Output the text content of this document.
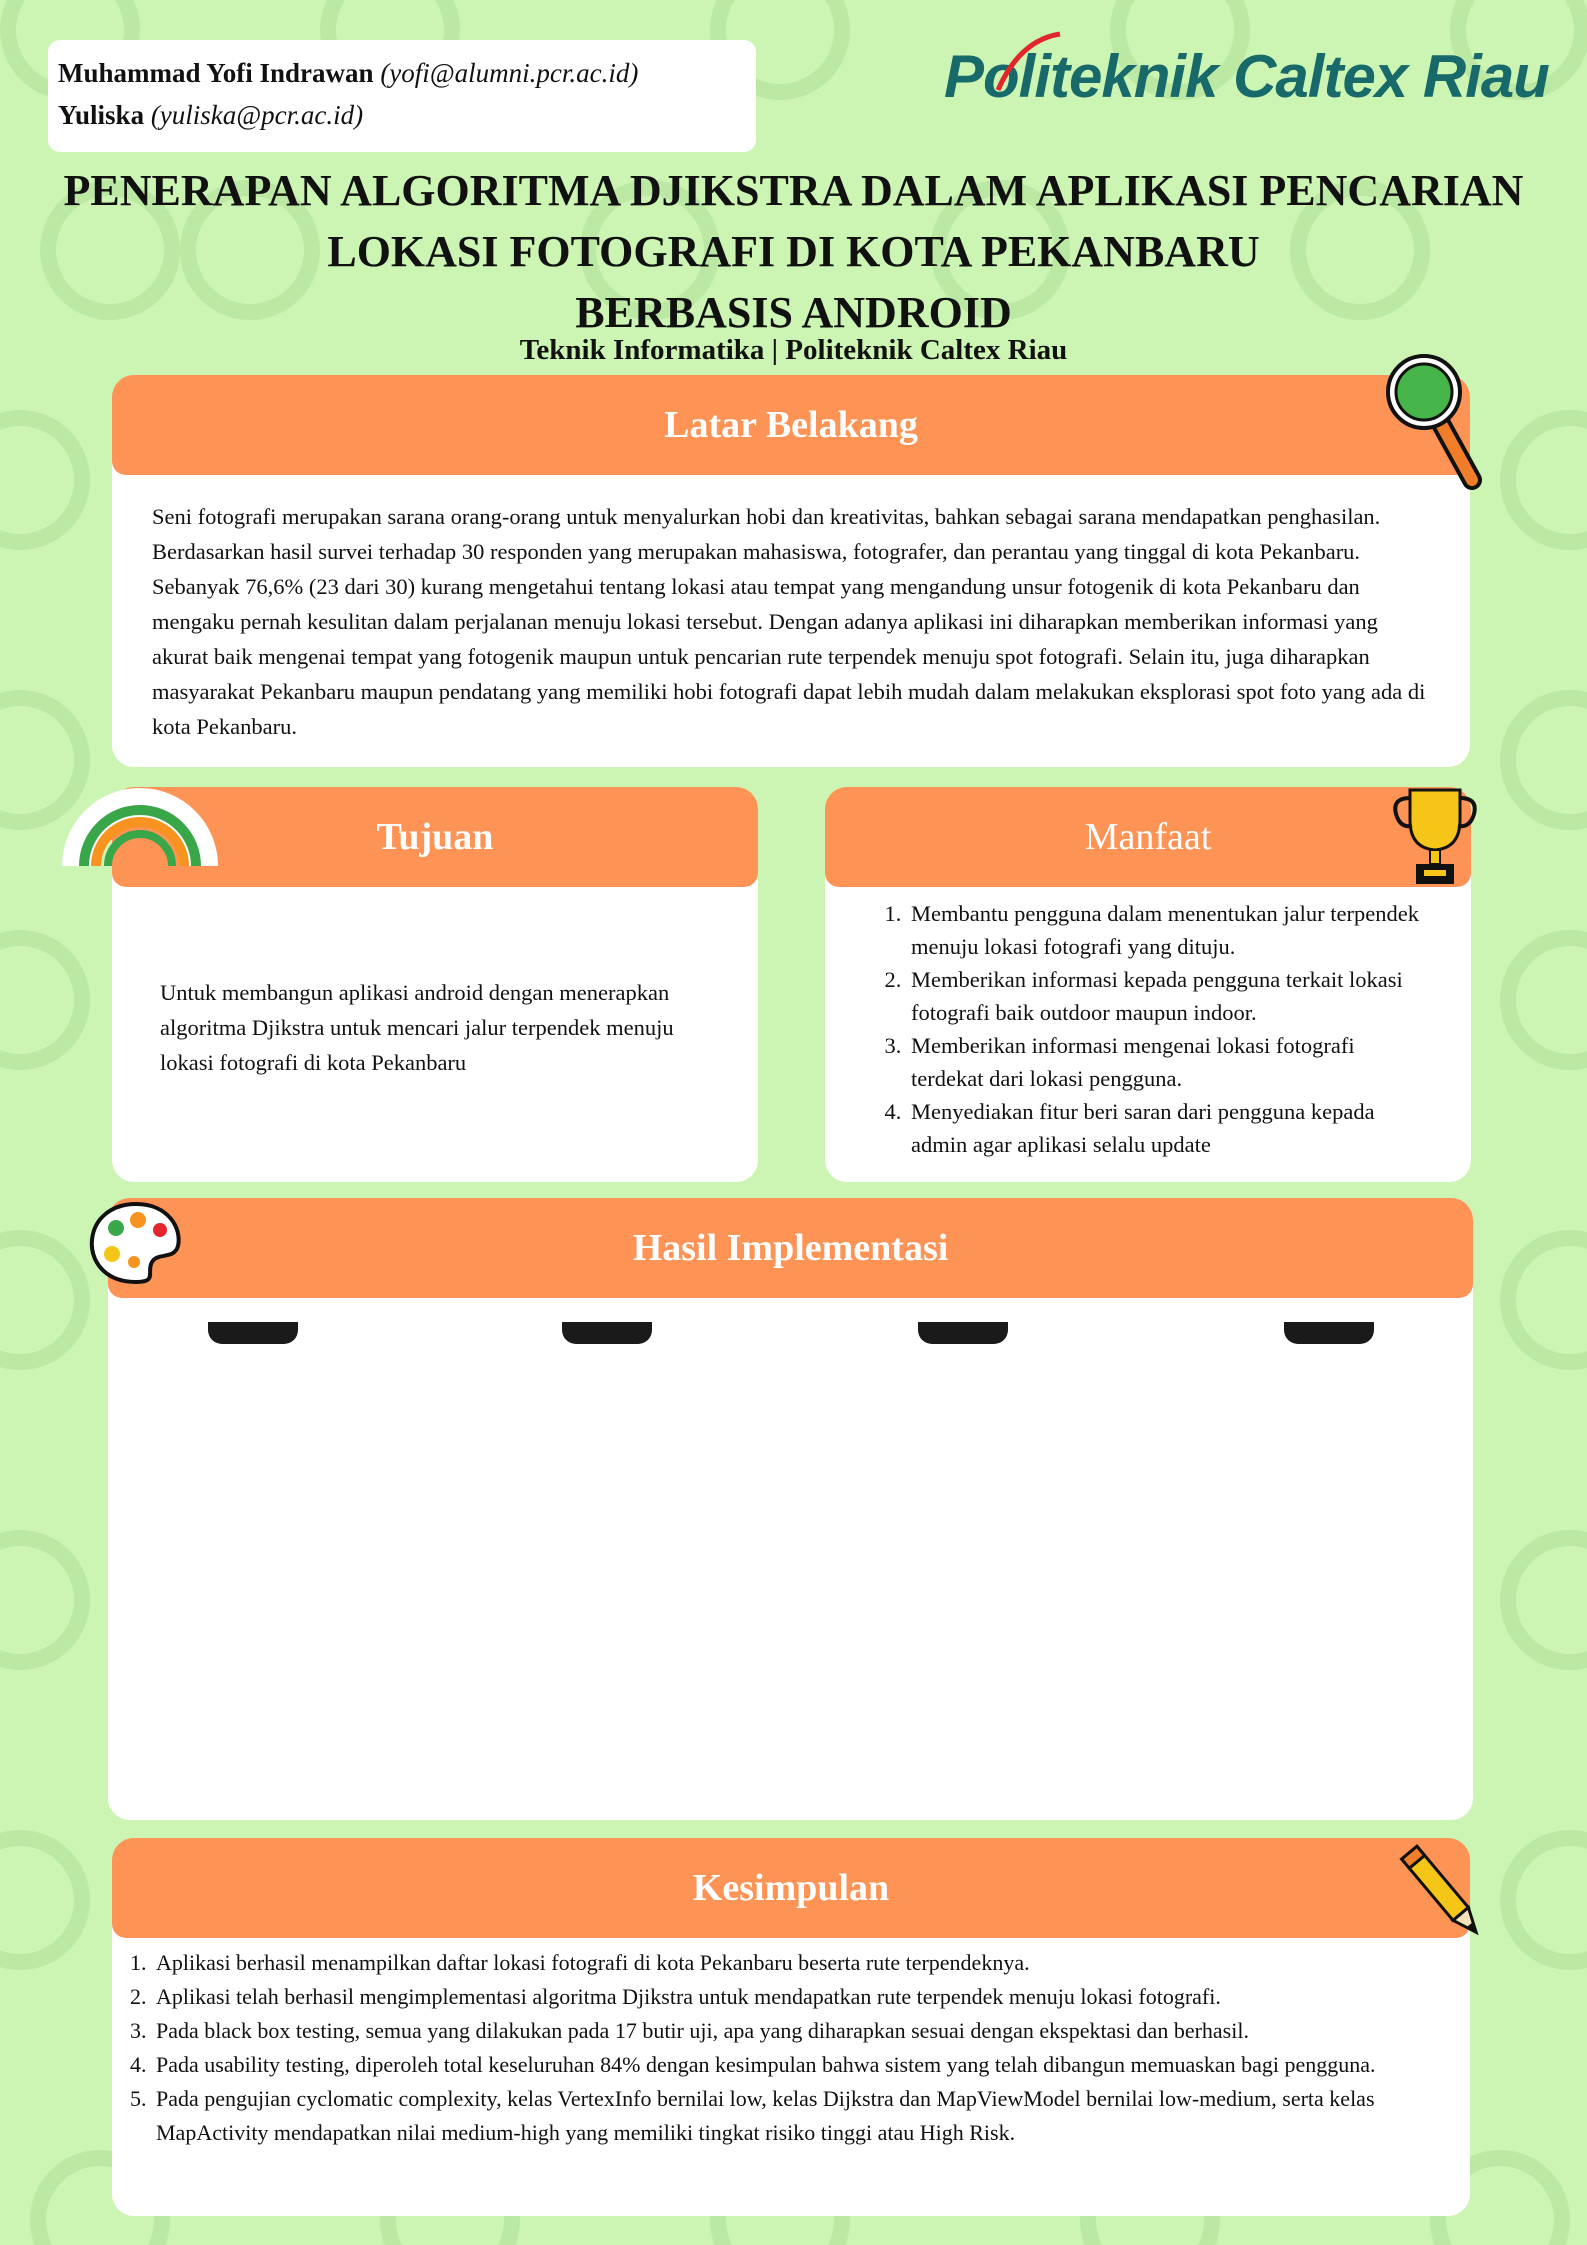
Muhammad Yofi Indrawan (yofi@alumni.pcr.ac.id)
Yuliska (yuliska@pcr.ac.id)
Politeknik Caltex Riau
PENERAPAN ALGORITMA DJIKSTRA DALAM APLIKASI PENCARIAN
LOKASI FOTOGRAFI DI KOTA PEKANBARU
BERBASIS ANDROID
Teknik Informatika | Politeknik Caltex Riau
Latar Belakang
Seni fotografi merupakan sarana orang-orang untuk menyalurkan hobi dan kreativitas, bahkan sebagai sarana mendapatkan penghasilan. Berdasarkan hasil survei terhadap 30 responden yang merupakan mahasiswa, fotografer, dan perantau yang tinggal di kota Pekanbaru. Sebanyak 76,6% (23 dari 30) kurang mengetahui tentang lokasi atau tempat yang mengandung unsur fotogenik di kota Pekanbaru dan mengaku pernah kesulitan dalam perjalanan menuju lokasi tersebut. Dengan adanya aplikasi ini diharapkan memberikan informasi yang akurat baik mengenai tempat yang fotogenik maupun untuk pencarian rute terpendek menuju spot fotografi. Selain itu, juga diharapkan masyarakat Pekanbaru maupun pendatang yang memiliki hobi fotografi dapat lebih mudah dalam melakukan eksplorasi spot foto yang ada di kota Pekanbaru.
Tujuan
Untuk membangun aplikasi android dengan menerapkan algoritma Djikstra untuk mencari jalur terpendek menuju lokasi fotografi di kota Pekanbaru
Manfaat
1. Membantu pengguna dalam menentukan jalur terpendek menuju lokasi fotografi yang dituju.
2. Memberikan informasi kepada pengguna terkait lokasi fotografi baik outdoor maupun indoor.
3. Memberikan informasi mengenai lokasi fotografi terdekat dari lokasi pengguna.
4. Menyediakan fitur beri saran dari pengguna kepada admin agar aplikasi selalu update
Hasil Implementasi
Kesimpulan
1. Aplikasi berhasil menampilkan daftar lokasi fotografi di kota Pekanbaru beserta rute terpendeknya.
2. Aplikasi telah berhasil mengimplementasi algoritma Djikstra untuk mendapatkan rute terpendek menuju lokasi fotografi.
3. Pada black box testing, semua yang dilakukan pada 17 butir uji, apa yang diharapkan sesuai dengan ekspektasi dan berhasil.
4. Pada usability testing, diperoleh total keseluruhan 84% dengan kesimpulan bahwa sistem yang telah dibangun memuaskan bagi pengguna.
5. Pada pengujian cyclomatic complexity, kelas VertexInfo bernilai low, kelas Dijkstra dan MapViewModel bernilai low-medium, serta kelas MapActivity mendapatkan nilai medium-high yang memiliki tingkat risiko tinggi atau High Risk.
